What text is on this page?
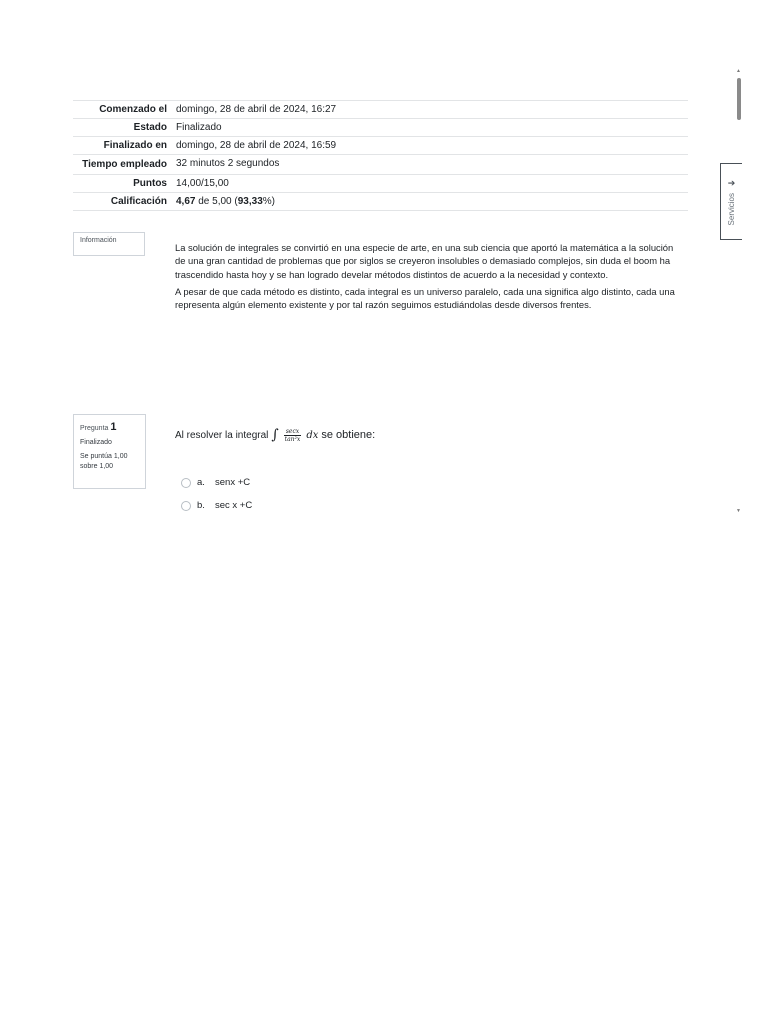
Comenzado el domingo, 28 de abril de 2024, 16:27
Estado Finalizado
Finalizado en domingo, 28 de abril de 2024, 16:59
Tiempo empleado 32 minutos 2 segundos
Puntos 14,00/15,00
Calificación 4,67 de 5,00 (93,33%)
Información

La solución de integrales se convirtió en una especie de arte, en una sub ciencia que aportó la matemática a la solución de una gran cantidad de problemas que por siglos se creyeron insolubles o demasiado complejos, sin duda el boom ha trascendido hasta hoy y se han logrado develar métodos distintos de acuerdo a la necesidad y contexto.

A pesar de que cada método es distinto, cada integral es un universo paralelo, cada una significa algo distinto, cada una representa algún elemento existente y por tal razón seguimos estudiándolas desde diversos frentes.

Pregunta 1
Finalizado
Se puntúa 1,00 sobre 1,00
Al resolver la integral ∫ $\frac{\sec x}{\text{tan²x}}$ dx se obtiene:
a.	senx +C
b.	sec x +C
➔
Servicios
▲
▼
